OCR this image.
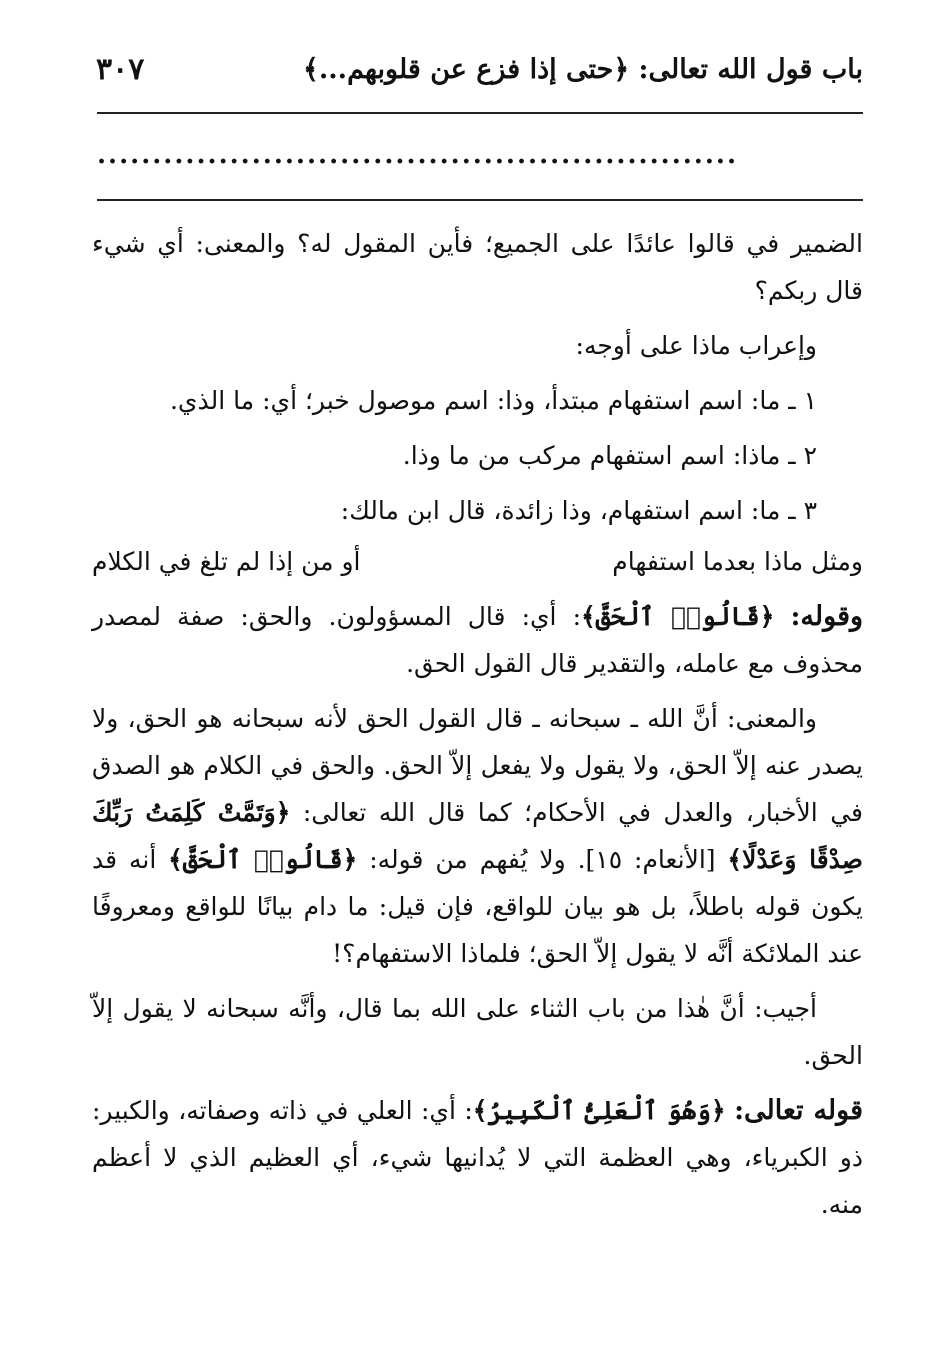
باب قول الله تعالى: ﴿حتى إذا فزع عن قلوبهم...﴾
٣٠٧
..........................................................

الضمير في قالوا عائدًا على الجميع؛ فأين المقول له؟ والمعنى: أي شيء قال ربكم؟

وإعراب ماذا على أوجه:

١ ـ ما: اسم استفهام مبتدأ، وذا: اسم موصول خبر؛ أي: ما الذي.

٢ ـ ماذا: اسم استفهام مركب من ما وذا.

٣ ـ ما: اسم استفهام، وذا زائدة، قال ابن مالك:

ومثل ماذا بعدما استفهام
أو من إذا لم تلغ في الكلام

وقوله: ﴿قَالُوا۟ ٱلْحَقَّ﴾: أي: قال المسؤولون. والحق: صفة لمصدر محذوف مع عامله، والتقدير قال القول الحق.

والمعنى: أنَّ الله ـ سبحانه ـ قال القول الحق لأنه سبحانه هو الحق، ولا يصدر عنه إلاّ الحق، ولا يقول ولا يفعل إلاّ الحق. والحق في الكلام هو الصدق في الأخبار، والعدل في الأحكام؛ كما قال الله تعالى: ﴿وَتَمَّتْ كَلِمَتُ رَبِّكَ صِدْقًا وَعَدْلًا﴾ [الأنعام: ١٥]. ولا يُفهم من قوله: ﴿قَالُوا۟ ٱلْحَقَّ﴾ أنه قد يكون قوله باطلاً، بل هو بيان للواقع، فإن قيل: ما دام بيانًا للواقع ومعروفًا عند الملائكة أنَّه لا يقول إلاّ الحق؛ فلماذا الاستفهام؟!

أجيب: أنَّ هٰذا من باب الثناء على الله بما قال، وأنَّه سبحانه لا يقول إلاّ الحق.

قوله تعالى: ﴿وَهُوَ ٱلْعَلِىُّ ٱلْكَبِيرُ﴾: أي: العلي في ذاته وصفاته، والكبير: ذو الكبرياء، وهي العظمة التي لا يُدانيها شيء، أي العظيم الذي لا أعظم منه.
